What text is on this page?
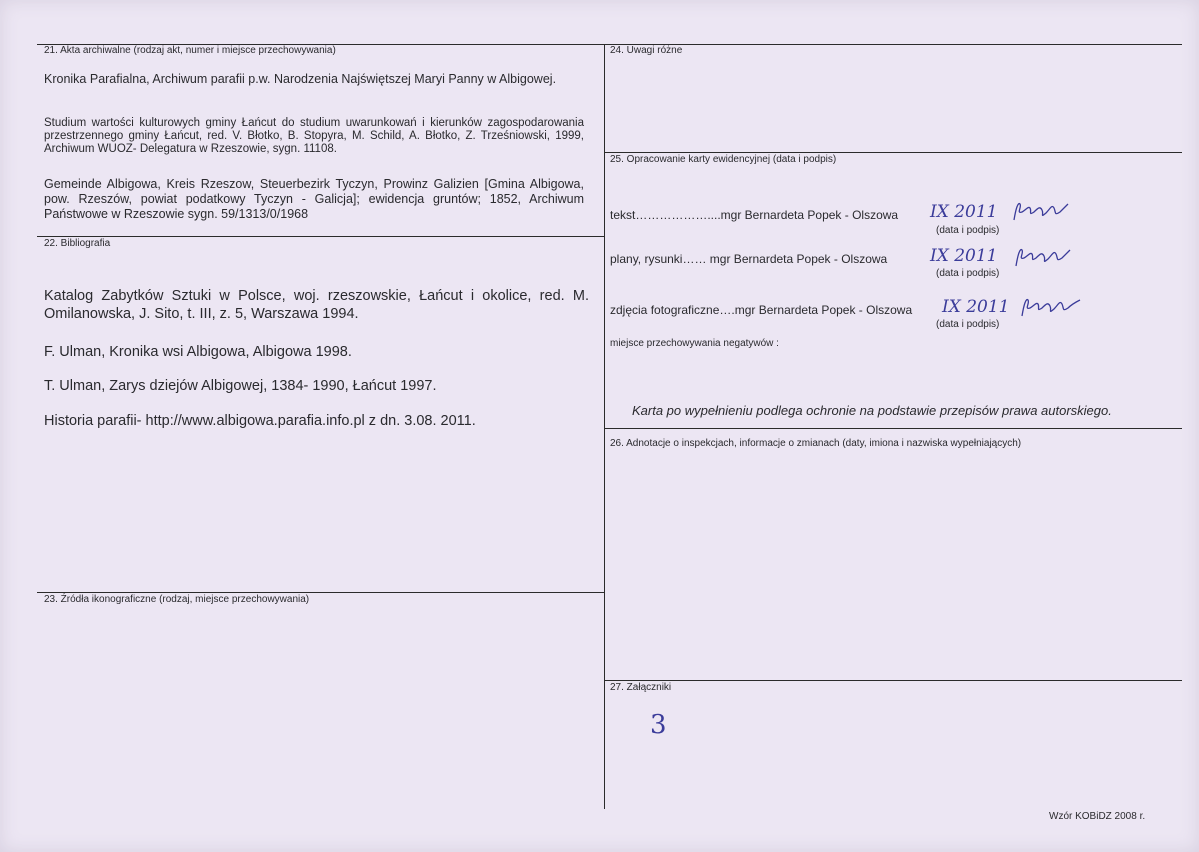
21. Akta archiwalne (rodzaj akt, numer i miejsce przechowywania)
Kronika Parafialna, Archiwum parafii p.w. Narodzenia Najświętszej Maryi Panny w Albigowej.
Studium wartości kulturowych gminy Łańcut do studium uwarunkowań i kierunków zagospodarowania przestrzennego gminy Łańcut, red. V. Błotko, B. Stopyra, M. Schild, A. Błotko, Z. Trześniowski, 1999, Archiwum WUOZ- Delegatura w Rzeszowie, sygn. 11108.
Gemeinde Albigowa, Kreis Rzeszow, Steuerbezirk Tyczyn, Prowinz Galizien [Gmina Albigowa, pow. Rzeszów, powiat podatkowy Tyczyn - Galicja]; ewidencja gruntów; 1852, Archiwum Państwowe w Rzeszowie sygn. 59/1313/0/1968
22. Bibliografia
Katalog Zabytków Sztuki w Polsce, woj. rzeszowskie, Łańcut i okolice, red. M. Omilanowska, J. Sito, t. III, z. 5, Warszawa 1994.
F. Ulman, Kronika wsi Albigowa, Albigowa 1998.
T. Ulman, Zarys dziejów Albigowej, 1384- 1990, Łańcut 1997.
Historia parafii- http://www.albigowa.parafia.info.pl z dn. 3.08. 2011.
23. Źródła ikonograficzne (rodzaj, miejsce przechowywania)
24. Uwagi różne
25. Opracowanie karty ewidencyjnej (data i podpis)
tekst………………....mgr Bernardeta Popek - Olszowa IX 2011
(data i podpis)
plany, rysunki…… mgr Bernardeta Popek - Olszowa	IX 2011
(data i podpis)
zdjęcia fotograficzne….mgr Bernardeta Popek - Olszowa IX 2011
(data i podpis)
miejsce przechowywania negatywów :
Karta po wypełnieniu podlega ochronie na podstawie przepisów prawa autorskiego.
26. Adnotacje o inspekcjach, informacje o zmianach (daty, imiona i nazwiska wypełniających)
27. Załączniki
3
Wzór KOBiDZ 2008 r.
